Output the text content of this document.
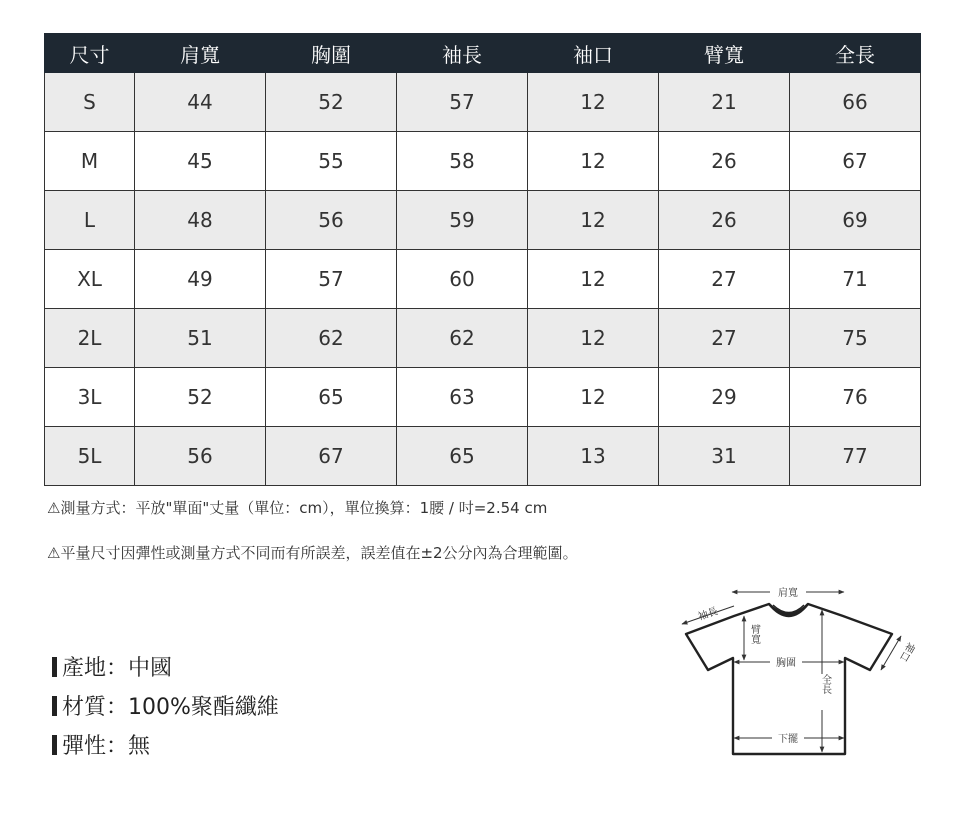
尺寸	肩寬	胸圍	袖長	袖口	臂寬	全長
S	44	52	57	12	21	66
M	45	55	58	12	26	67
L	48	56	59	12	26	69
XL	49	57	60	12	27	71
2L	51	62	62	12	27	75
3L	52	65	63	12	29	76
5L	56	67	65	13	31	77
⚠測量方式：平放"單面"丈量（單位：cm），單位換算：1腰 / 吋=2.54 cm
⚠平量尺寸因彈性或測量方式不同而有所誤差，誤差值在±2公分內為合理範圍。
產地：中國
材質：100%聚酯纖維
彈性：無
肩寬
袖長
臂寬
胸圍
全長
袖口
下擺
